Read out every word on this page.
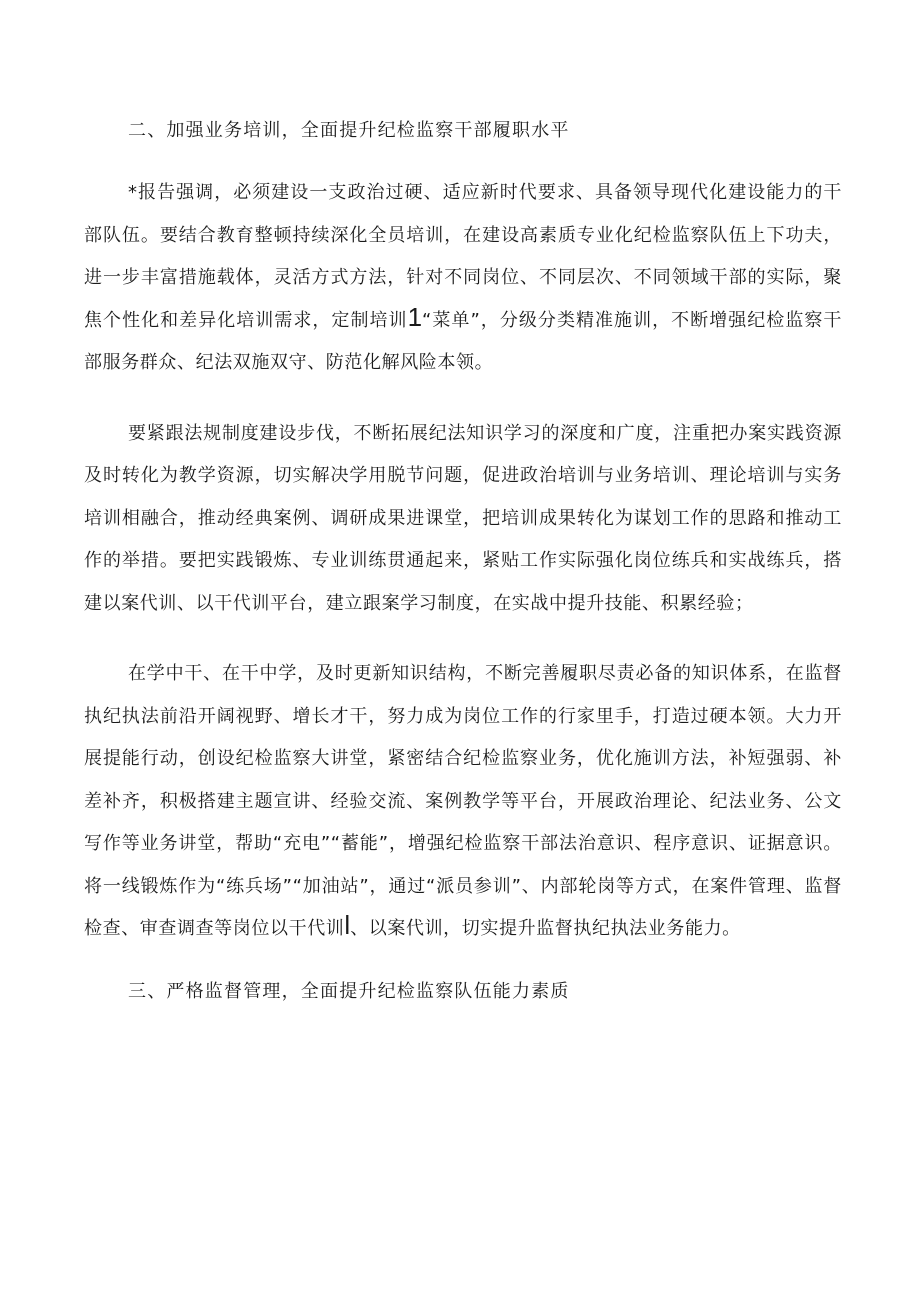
二、加强业务培训，全面提升纪检监察干部履职水平

*报告强调，必须建设一支政治过硬、适应新时代要求、具备领导现代化建设能力的干部队伍。要结合教育整顿持续深化全员培训，在建设高素质专业化纪检监察队伍上下功夫，进一步丰富措施载体，灵活方式方法，针对不同岗位、不同层次、不同领域干部的实际，聚焦个性化和差异化培训需求，定制培训1“菜单”，分级分类精准施训，不断增强纪检监察干部服务群众、纪法双施双守、防范化解风险本领。

要紧跟法规制度建设步伐，不断拓展纪法知识学习的深度和广度，注重把办案实践资源及时转化为教学资源，切实解决学用脱节问题，促进政治培训与业务培训、理论培训与实务培训相融合，推动经典案例、调研成果进课堂，把培训成果转化为谋划工作的思路和推动工作的举措。要把实践锻炼、专业训练贯通起来，紧贴工作实际强化岗位练兵和实战练兵，搭建以案代训、以干代训平台，建立跟案学习制度，在实战中提升技能、积累经验；

在学中干、在干中学，及时更新知识结构，不断完善履职尽责必备的知识体系，在监督执纪执法前沿开阔视野、增长才干，努力成为岗位工作的行家里手，打造过硬本领。大力开展提能行动，创设纪检监察大讲堂，紧密结合纪检监察业务，优化施训方法，补短强弱、补差补齐，积极搭建主题宣讲、经验交流、案例教学等平台，开展政治理论、纪法业务、公文写作等业务讲堂，帮助“充电”“蓄能”，增强纪检监察干部法治意识、程序意识、证据意识。将一线锻炼作为“练兵场”“加油站”，通过“派员参训”、内部轮岗等方式，在案件管理、监督检查、审查调查等岗位以干代训l、以案代训，切实提升监督执纪执法业务能力。

三、严格监督管理，全面提升纪检监察队伍能力素质
